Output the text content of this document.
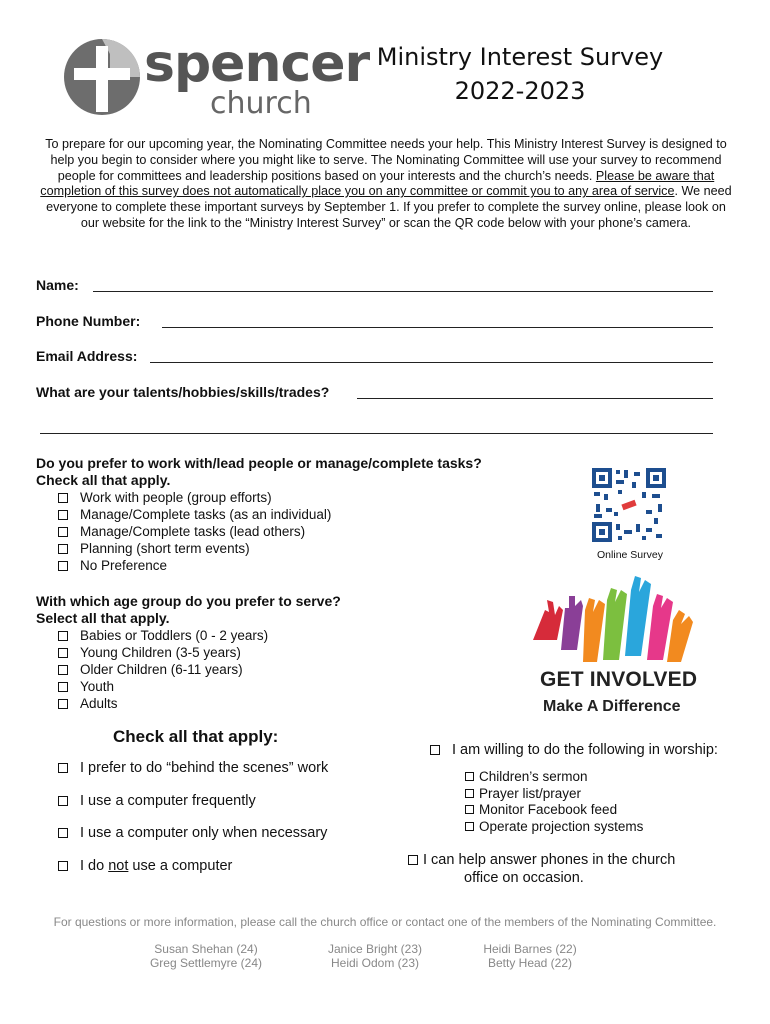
spencer
church
Ministry Interest Survey
2022-2023
To prepare for our upcoming year, the Nominating Committee needs your help. This Ministry Interest Survey is designed to help you begin to consider where you might like to serve. The Nominating Committee will use your survey to recommend people for committees and leadership positions based on your interests and the church’s needs. Please be aware that completion of this survey does not automatically place you on any committee or commit you to any area of service. We need everyone to complete these important surveys by September 1. If you prefer to complete the survey online, please look on our website for the link to the “Ministry Interest Survey” or scan the QR code below with your phone’s camera.
Name:
Phone Number:
Email Address:
What are your talents/hobbies/skills/trades?
Do you prefer to work with/lead people or manage/complete tasks?
Check all that apply.
Work with people (group efforts)
Manage/Complete tasks (as an individual)
Manage/Complete tasks (lead others)
Planning (short term events)
No Preference
Online Survey
GET INVOLVED
Make A Difference
With which age group do you prefer to serve?
Select all that apply.
Babies or Toddlers (0 - 2 years)
Young Children (3-5 years)
Older Children (6-11 years)
Youth
Adults
Check all that apply:
I prefer to do “behind the scenes” work
I use a computer frequently
I use a computer only when necessary
I do not use a computer
I am willing to do the following in worship:
Children’s sermon
Prayer list/prayer
Monitor Facebook feed
Operate projection systems
I can help answer phones in the church
office on occasion.
For questions or more information, please call the church office or contact one of the members of the Nominating Committee.
Susan Shehan (24)
Greg Settlemyre (24)
Janice Bright (23)
Heidi Odom (23)
Heidi Barnes (22)
Betty Head (22)
